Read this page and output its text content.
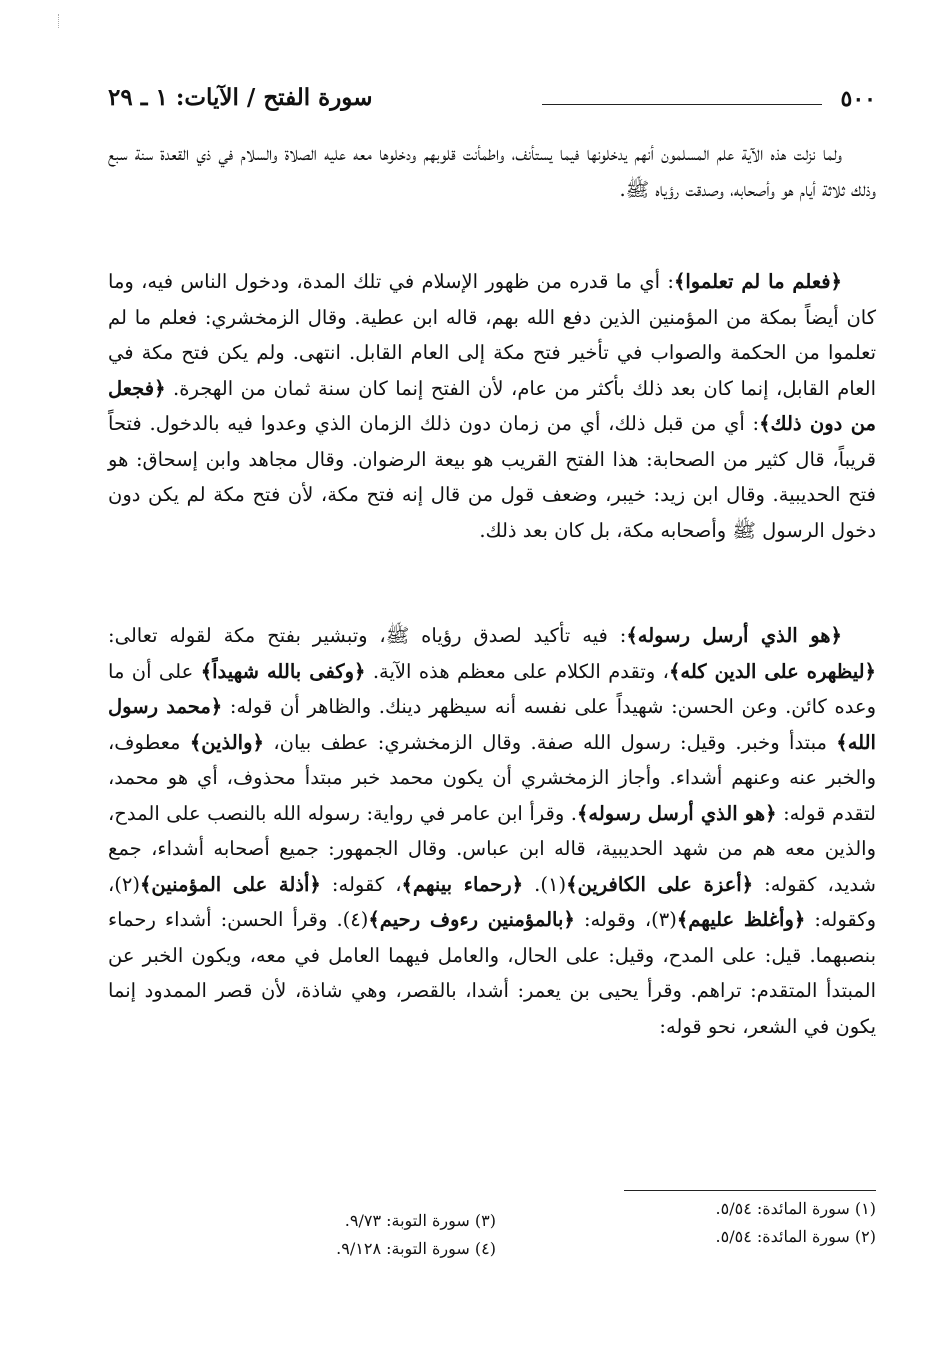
٥٠٠
سورة الفتح / الآيات: ١ ـ ٢٩

ولما نزلت هذه الآية علم المسلمون أنهم يدخلونها فيما يستأنف، واطمأنت قلوبهم ودخلوها معه عليه الصلاة والسلام في ذي القعدة سنة سبع وذلك ثلاثة أيام هو وأصحابه، وصدقت رؤياه ﷺ.

﴿فعلم ما لم تعلموا﴾: أي ما قدره من ظهور الإسلام في تلك المدة، ودخول الناس فيه، وما كان أيضاً بمكة من المؤمنين الذين دفع الله بهم، قاله ابن عطية. وقال الزمخشري: فعلم ما لم تعلموا من الحكمة والصواب في تأخير فتح مكة إلى العام القابل. انتهى. ولم يكن فتح مكة في العام القابل، إنما كان بعد ذلك بأكثر من عام، لأن الفتح إنما كان سنة ثمان من الهجرة. ﴿فجعل من دون ذلك﴾: أي من قبل ذلك، أي من زمان دون ذلك الزمان الذي وعدوا فيه بالدخول. فتحاً قريباً، قال كثير من الصحابة: هذا الفتح القريب هو بيعة الرضوان. وقال مجاهد وابن إسحاق: هو فتح الحديبية. وقال ابن زيد: خيبر، وضعف قول من قال إنه فتح مكة، لأن فتح مكة لم يكن دون دخول الرسول ﷺ وأصحابه مكة، بل كان بعد ذلك.

﴿هو الذي أرسل رسوله﴾: فيه تأكيد لصدق رؤياه ﷺ، وتبشير بفتح مكة لقوله تعالى: ﴿ليظهره على الدين كله﴾، وتقدم الكلام على معظم هذه الآية. ﴿وكفى بالله شهيداً﴾ على أن ما وعده كائن. وعن الحسن: شهيداً على نفسه أنه سيظهر دينك. والظاهر أن قوله: ﴿محمد رسول الله﴾ مبتدأ وخبر. وقيل: رسول الله صفة. وقال الزمخشري: عطف بيان، ﴿والذين﴾ معطوف، والخبر عنه وعنهم أشداء. وأجاز الزمخشري أن يكون محمد خبر مبتدأ محذوف، أي هو محمد، لتقدم قوله: ﴿هو الذي أرسل رسوله﴾. وقرأ ابن عامر في رواية: رسوله الله بالنصب على المدح، والذين معه هم من شهد الحديبية، قاله ابن عباس. وقال الجمهور: جميع أصحابه أشداء، جمع شديد، كقوله: ﴿أعزة على الكافرين﴾(١). ﴿رحماء بينهم﴾، كقوله: ﴿أذلة على المؤمنين﴾(٢)، وكقوله: ﴿وأغلظ عليهم﴾(٣)، وقوله: ﴿بالمؤمنين رءوف رحيم﴾(٤). وقرأ الحسن: أشداء رحماء بنصبهما. قيل: على المدح، وقيل: على الحال، والعامل فيهما العامل في معه، ويكون الخبر عن المبتدأ المتقدم: تراهم. وقرأ يحيى بن يعمر: أشدا، بالقصر، وهي شاذة، لأن قصر الممدود إنما يكون في الشعر، نحو قوله:

(١) سورة المائدة: ٥/٥٤.
(٢) سورة المائدة: ٥/٥٤.
(٣) سورة التوبة: ٩/٧٣.
(٤) سورة التوبة: ٩/١٢٨.
